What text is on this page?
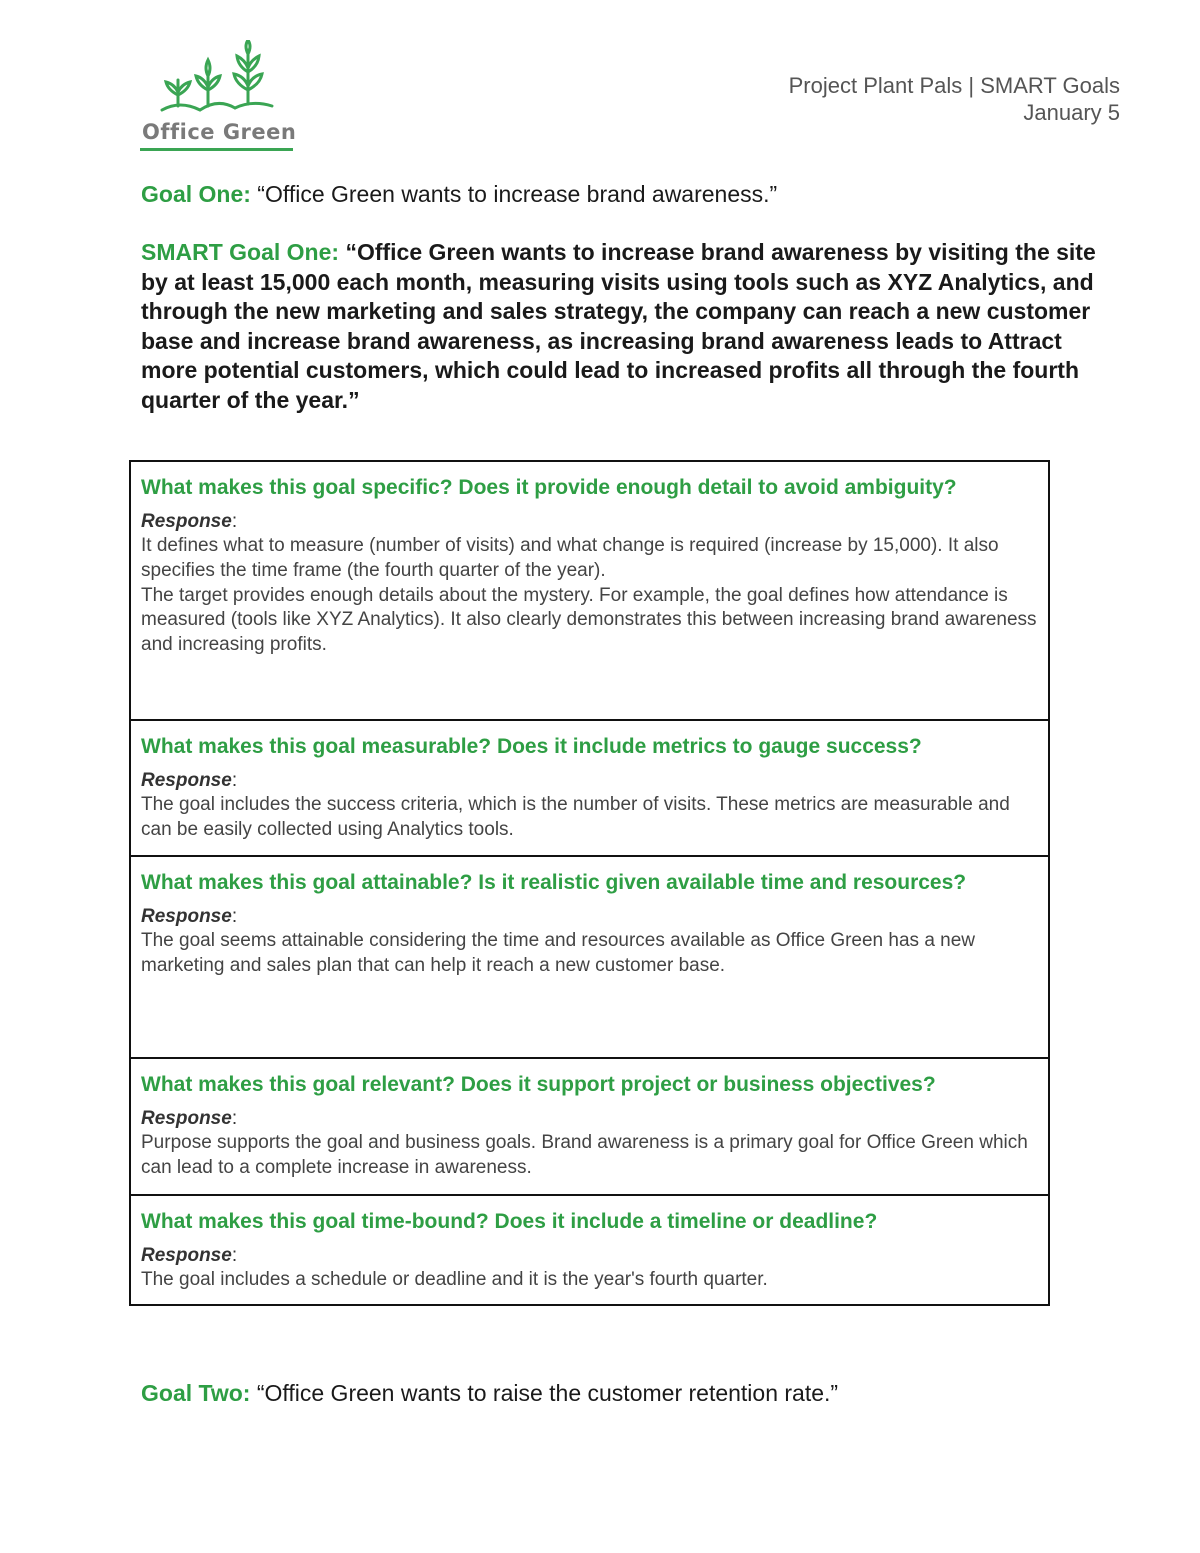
Office Green
Project Plant Pals | SMART Goals
January 5
Goal One: “Office Green wants to increase brand awareness.”
SMART Goal One: “Office Green wants to increase brand awareness by visiting the site by at least 15,000 each month, measuring visits using tools such as XYZ Analytics, and through the new marketing and sales strategy, the company can reach a new customer base and increase brand awareness, as increasing brand awareness leads to Attract more potential customers, which could lead to increased profits all through the fourth quarter of the year.”
What makes this goal specific? Does it provide enough detail to avoid ambiguity?
Response:
It defines what to measure (number of visits) and what change is required (increase by 15,000). It also specifies the time frame (the fourth quarter of the year).
The target provides enough details about the mystery. For example, the goal defines how attendance is measured (tools like XYZ Analytics). It also clearly demonstrates this between increasing brand awareness and increasing profits.
What makes this goal measurable? Does it include metrics to gauge success?
Response:
The goal includes the success criteria, which is the number of visits. These metrics are measurable and can be easily collected using Analytics tools.
What makes this goal attainable? Is it realistic given available time and resources?
Response:
The goal seems attainable considering the time and resources available as Office Green has a new marketing and sales plan that can help it reach a new customer base.
What makes this goal relevant? Does it support project or business objectives?
Response:
Purpose supports the goal and business goals. Brand awareness is a primary goal for Office Green which can lead to a complete increase in awareness.
What makes this goal time-bound? Does it include a timeline or deadline?
Response:
The goal includes a schedule or deadline and it is the year's fourth quarter.
Goal Two: “Office Green wants to raise the customer retention rate.”
